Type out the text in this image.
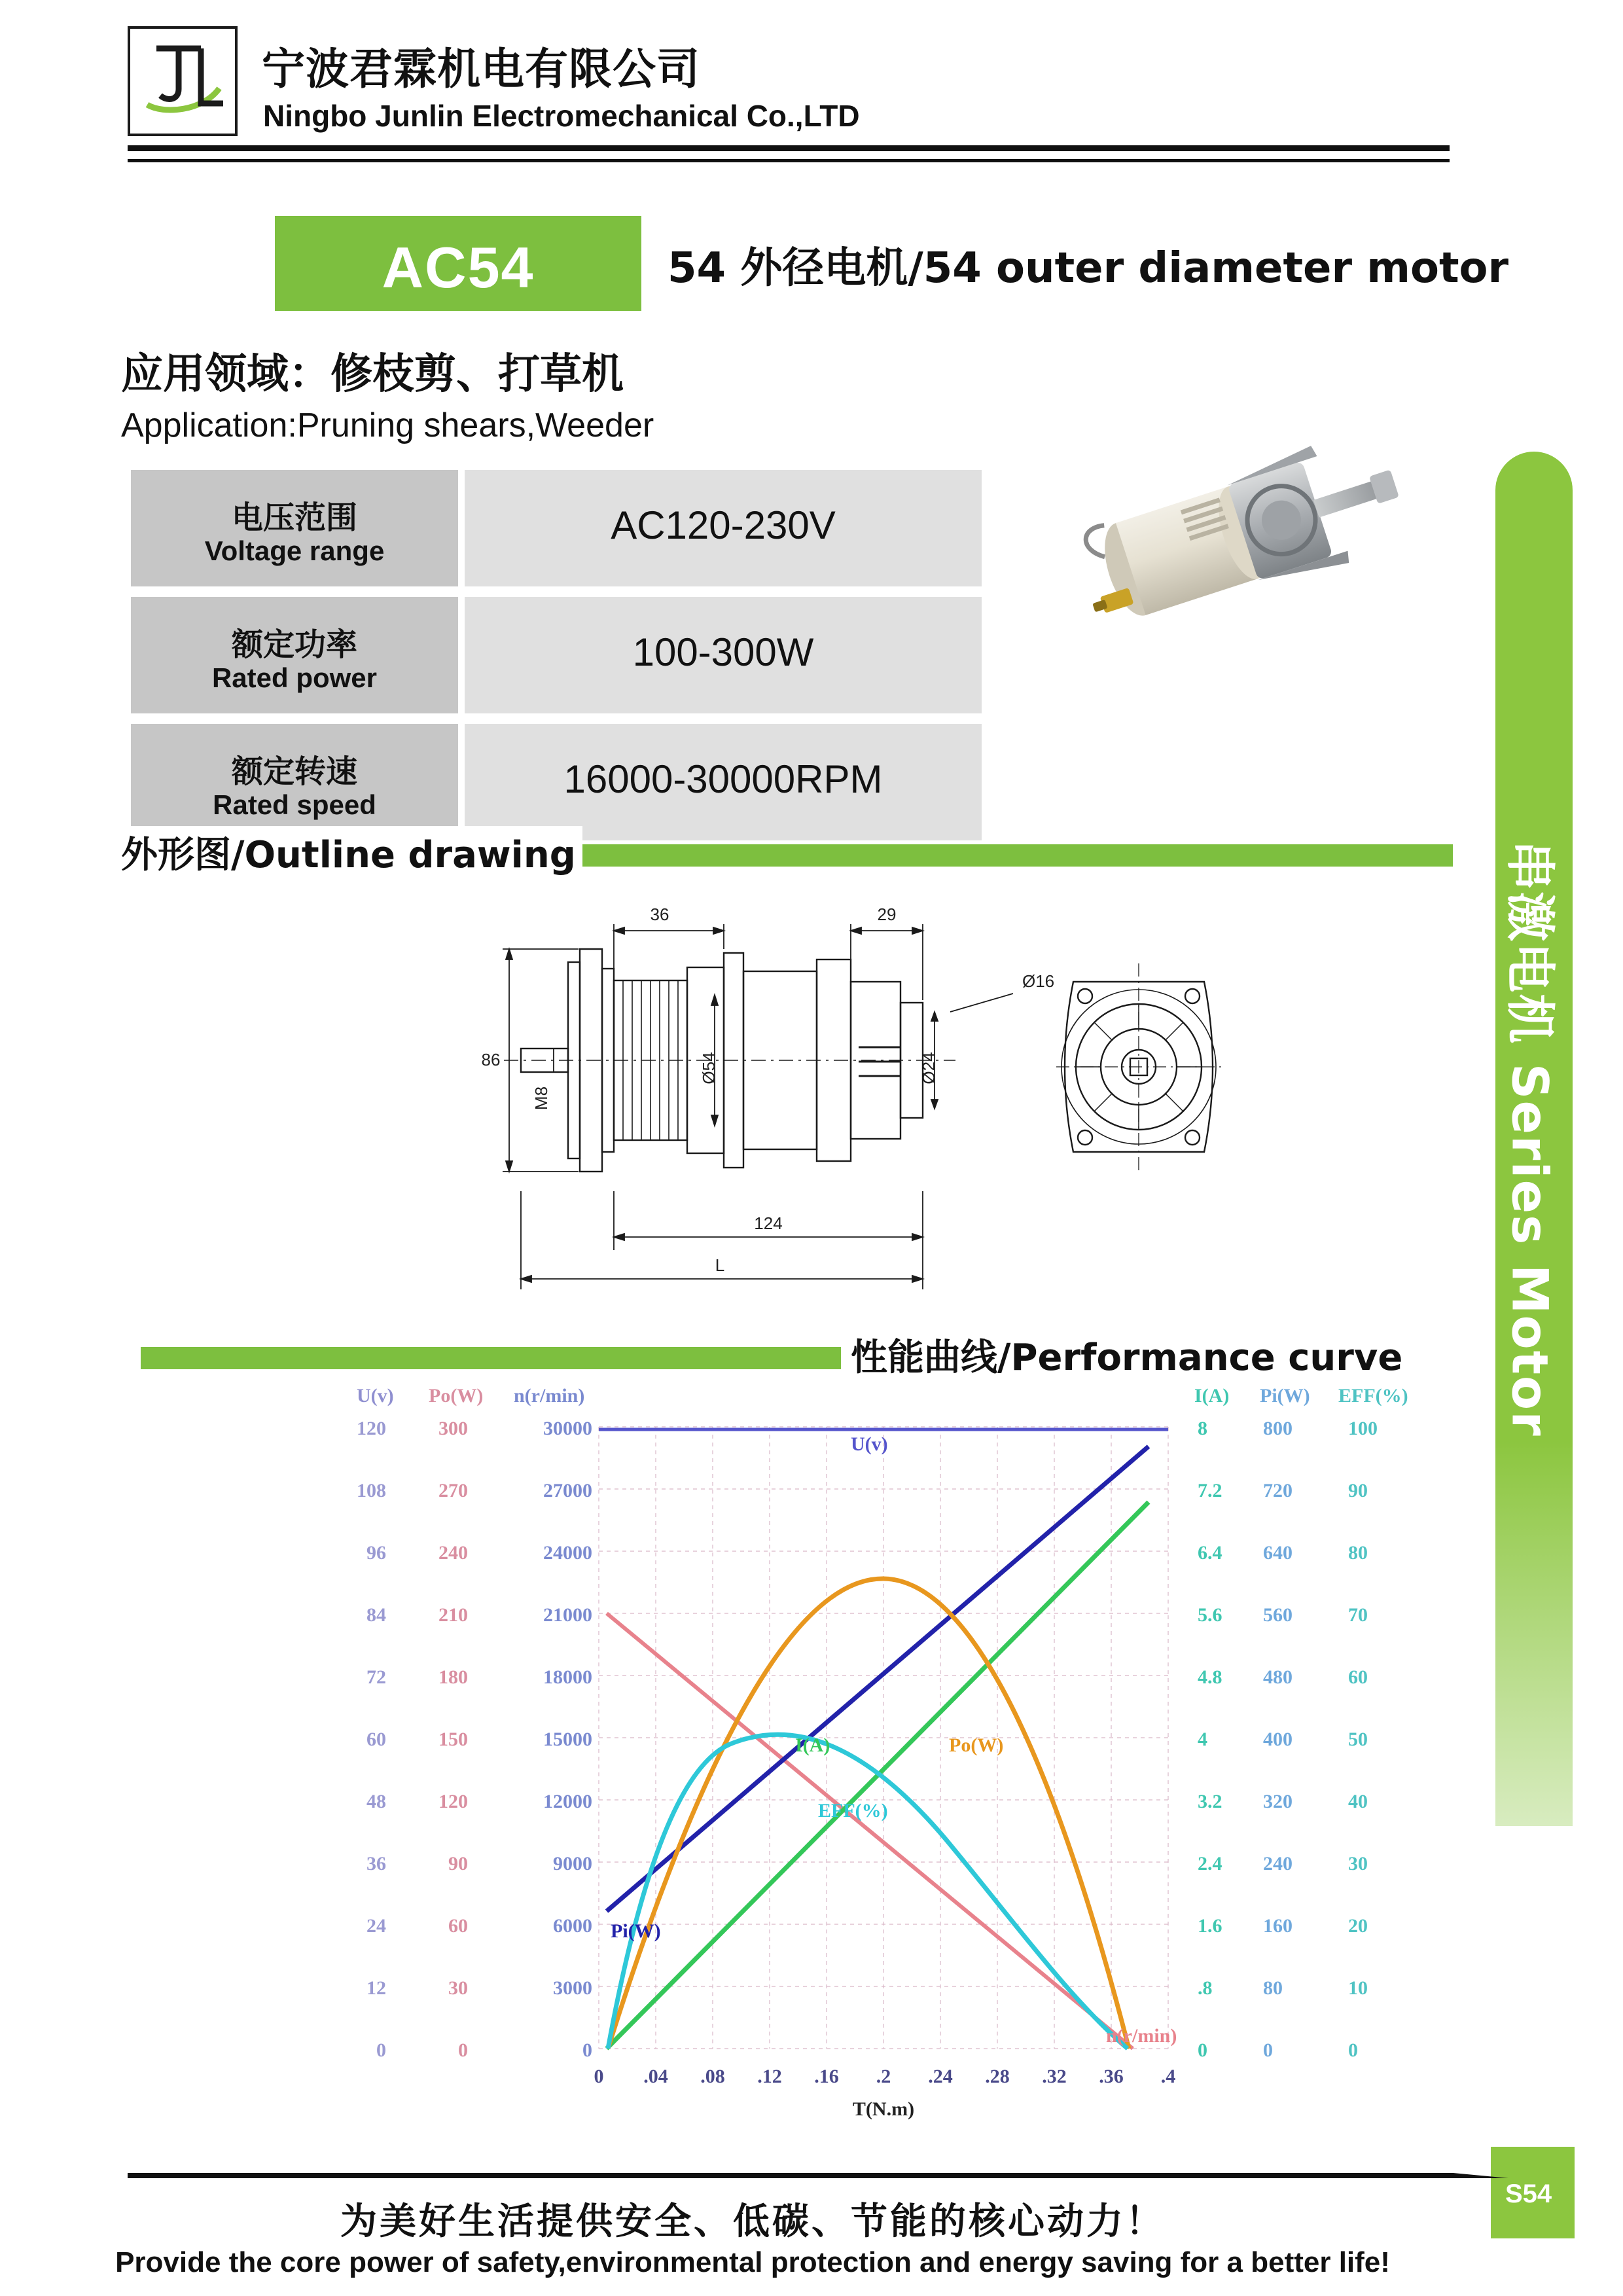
宁波君霖机电有限公司
Ningbo Junlin Electromechanical Co.,LTD
AC54	54 外径电机/54 outer diameter motor
应用领域：修枝剪、打草机
Application:Pruning shears,Weeder
电压范围
Voltage range
AC120-230V
额定功率
Rated power
100-300W
额定转速
Rated speed
16000-30000RPM
外形图/Outline drawing
36	29
86
M8
Ø54	Ø24
Ø16
124
L
性能曲线/Performance curve
U(v) Po(W) n(r/min)	I(A) Pi(W) EFF(%)
120
108
96
84
72
60
48
36
24
12
0
300
270
240
210
180
150
120
90
60
30
0
30000
27000
24000
21000
18000
15000
12000
9000
6000
3000
0
8
7.2
6.4
5.6
4.8
4
3.2
2.4
1.6
.8
0
800
720
640
560
480
400
320
240
160
80
0
100
90
80
70
60
50
40
30
20
10
0
U(v)
n(r/min)
Pi(W)
I(A)	Po(W)
EFF(%)
0 .04 .08 .12 .16 .2 .24 .28 .32 .36 .4
T(N.m)
串激电机 Series Motor
S54
为美好生活提供安全、低碳、节能的核心动力！
Provide the core power of safety,environmental protection and energy saving for a better life!
